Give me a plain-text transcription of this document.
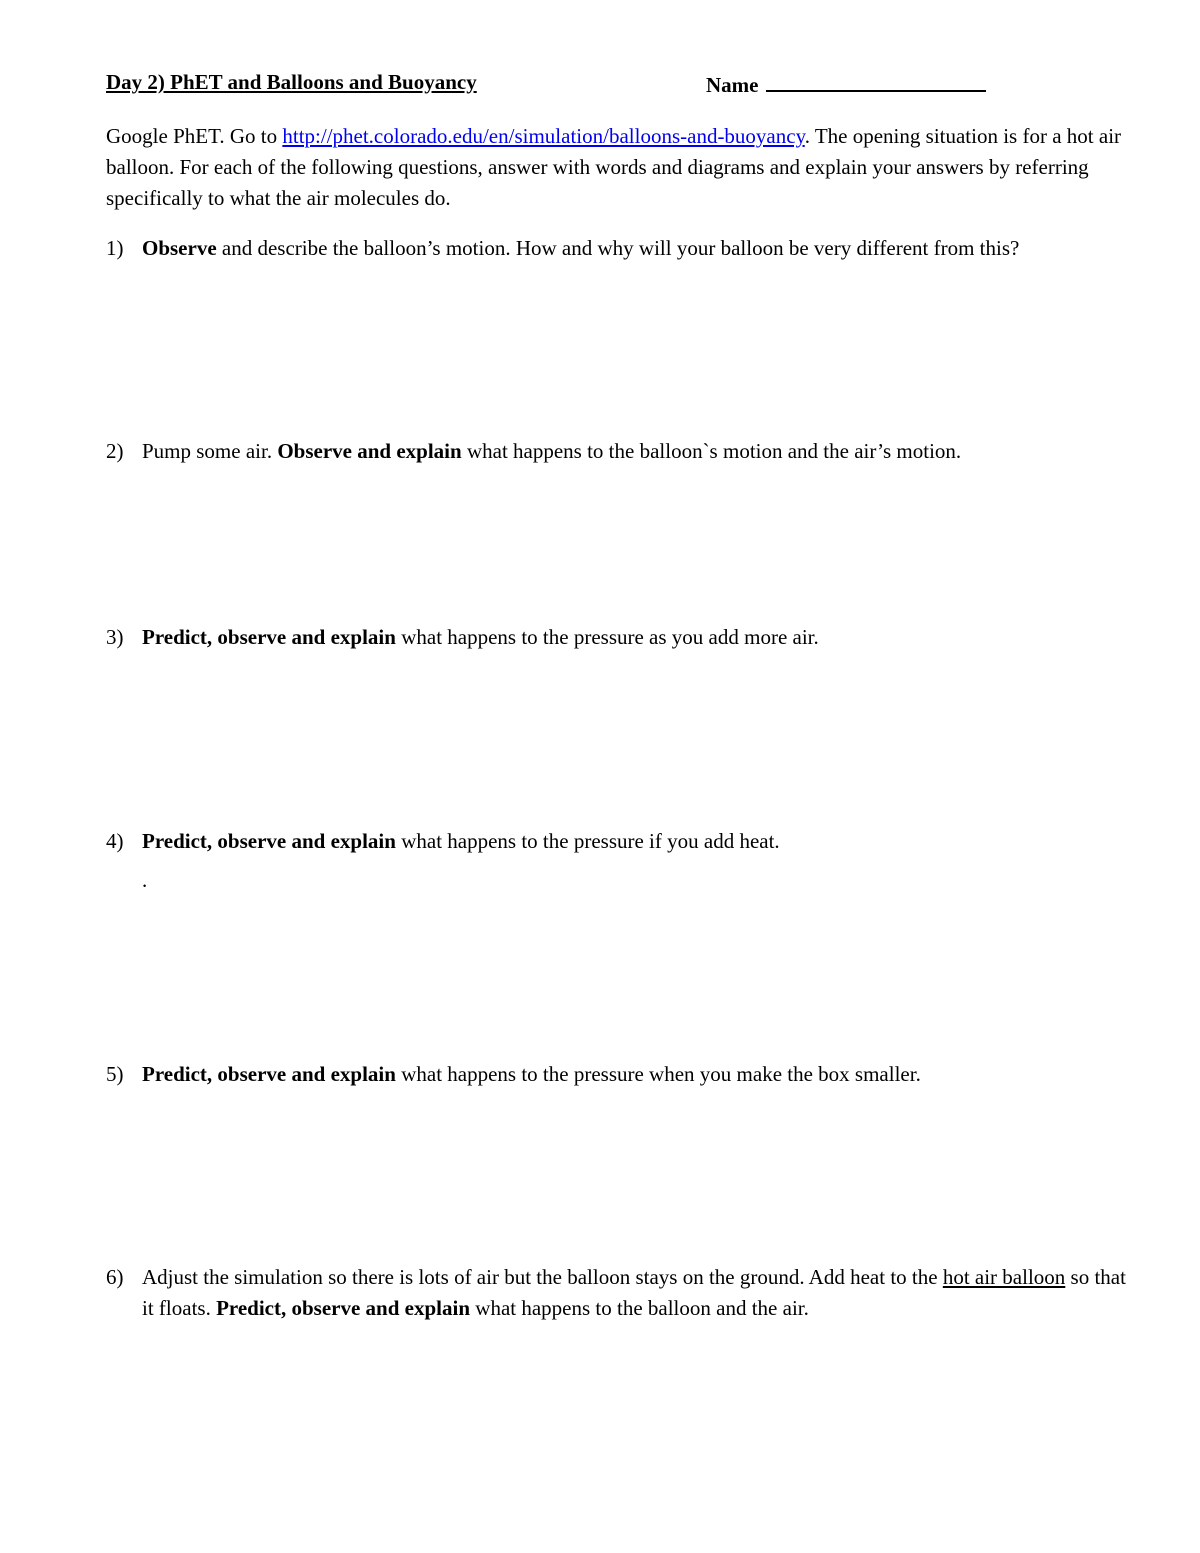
Day 2) PhET and Balloons and Buoyancy	Name
Google PhET. Go to http://phet.colorado.edu/en/simulation/balloons-and-buoyancy. The opening situation is for a hot air balloon. For each of the following questions, answer with words and diagrams and explain your answers by referring specifically to what the air molecules do.
1) Observe and describe the balloon’s motion. How and why will your balloon be very different from this?
2) Pump some air. Observe and explain what happens to the balloon`s motion and the air’s motion.
3) Predict, observe and explain what happens to the pressure as you add more air.
4) Predict, observe and explain what happens to the pressure if you add heat.
.
5) Predict, observe and explain what happens to the pressure when you make the box smaller.
6) Adjust the simulation so there is lots of air but the balloon stays on the ground. Add heat to the hot air balloon so that it floats. Predict, observe and explain what happens to the balloon and the air.
